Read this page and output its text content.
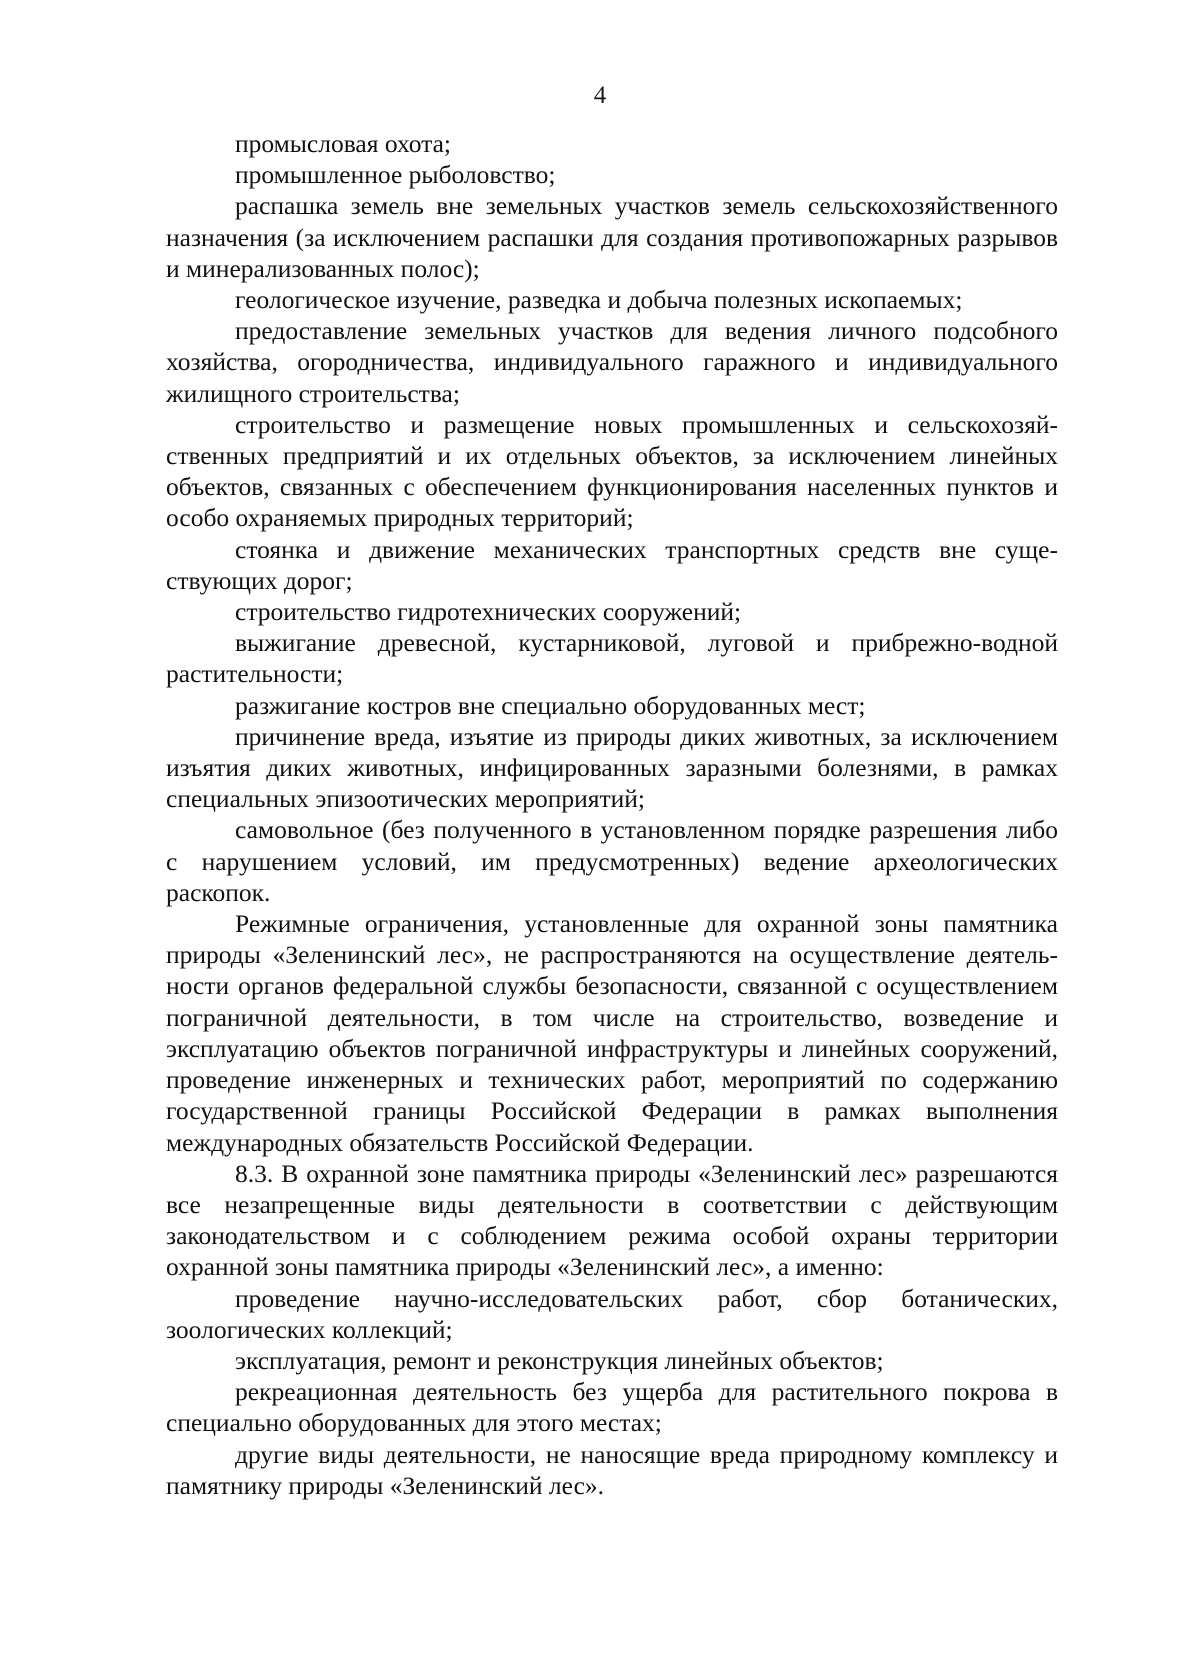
4

промысловая охота;

промышленное рыболовство;

распашка земель вне земельных участков земель сельскохозяйственного назначения (за исключением распашки для создания противопожарных разрывов и минерализованных полос);

геологическое изучение, разведка и добыча полезных ископаемых;

предоставление земельных участков для ведения личного подсобного хозяйства, огородничества, индивидуального гаражного и индивидуального жилищного строительства;

строительство и размещение новых промышленных и сельскохозяйственных предприятий и их отдельных объектов, за исключением линейных объектов, связанных с обеспечением функционирования населенных пунктов и особо охраняемых природных территорий;

стоянка и движение механических транспортных средств вне существующих дорог;

строительство гидротехнических сооружений;

выжигание древесной, кустарниковой, луговой и прибрежно-водной растительности;

разжигание костров вне специально оборудованных мест;

причинение вреда, изъятие из природы диких животных, за исключением изъятия диких животных, инфицированных заразными болезнями, в рамках специальных эпизоотических мероприятий;

самовольное (без полученного в установленном порядке разрешения либо с нарушением условий, им предусмотренных) ведение археологических раскопок.

Режимные ограничения, установленные для охранной зоны памятника природы «Зеленинский лес», не распространяются на осуществление деятельности органов федеральной службы безопасности, связанной с осуществлением пограничной деятельности, в том числе на строительство, возведение и эксплуатацию объектов пограничной инфраструктуры и линейных сооружений, проведение инженерных и технических работ, мероприятий по содержанию государственной границы Российской Федерации в рамках выполнения международных обязательств Российской Федерации.

8.3. В охранной зоне памятника природы «Зеленинский лес» разрешаются все незапрещенные виды деятельности в соответствии с действующим законодательством и с соблюдением режима особой охраны территории охранной зоны памятника природы «Зеленинский лес», а именно:

проведение научно-исследовательских работ, сбор ботанических, зоологических коллекций;

эксплуатация, ремонт и реконструкция линейных объектов;

рекреационная деятельность без ущерба для растительного покрова в специально оборудованных для этого местах;

другие виды деятельности, не наносящие вреда природному комплексу и памятнику природы «Зеленинский лес».
